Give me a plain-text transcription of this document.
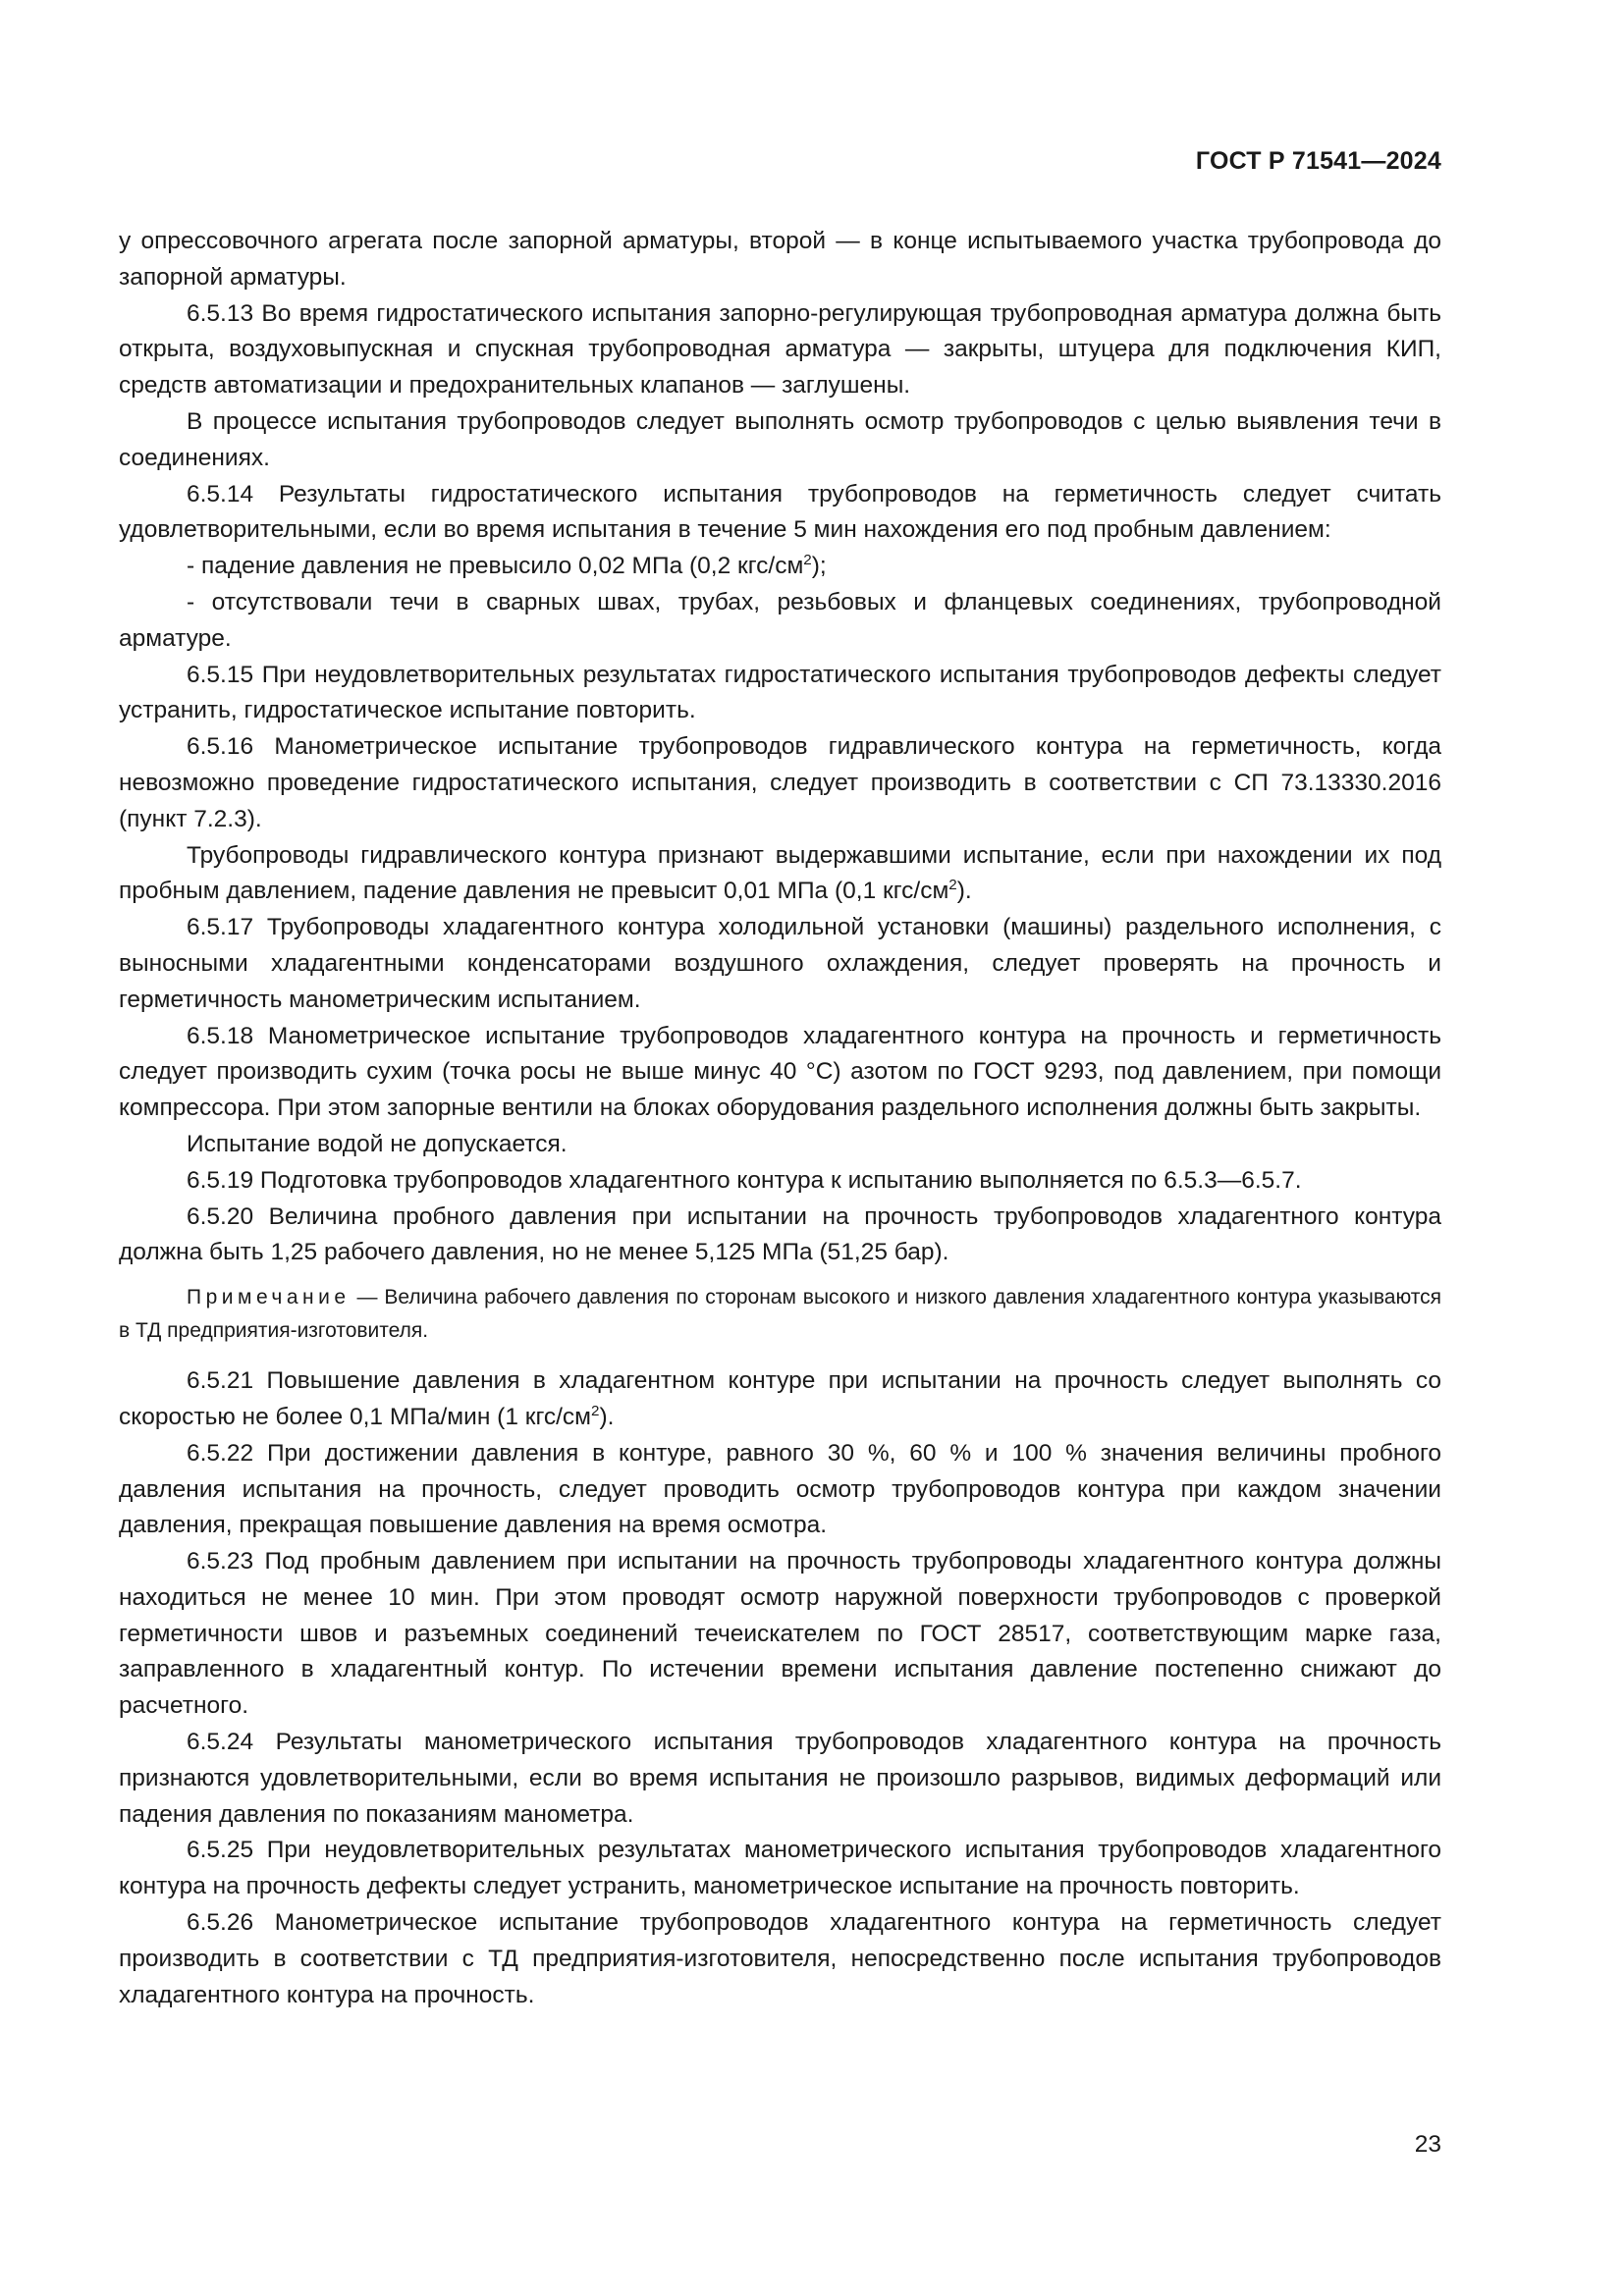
ГОСТ Р 71541—2024

у опрессовочного агрегата после запорной арматуры, второй — в конце испытываемого участка трубопровода до запорной арматуры.

6.5.13 Во время гидростатического испытания запорно-регулирующая трубопроводная арматура должна быть открыта, воздуховыпускная и спускная трубопроводная арматура — закрыты, штуцера для подключения КИП, средств автоматизации и предохранительных клапанов — заглушены.

В процессе испытания трубопроводов следует выполнять осмотр трубопроводов с целью выявления течи в соединениях.

6.5.14 Результаты гидростатического испытания трубопроводов на герметичность следует считать удовлетворительными, если во время испытания в течение 5 мин нахождения его под пробным давлением:

- падение давления не превысило 0,02 МПа (0,2 кгс/$см^2$);

- отсутствовали течи в сварных швах, трубах, резьбовых и фланцевых соединениях, трубопроводной арматуре.

6.5.15 При неудовлетворительных результатах гидростатического испытания трубопроводов дефекты следует устранить, гидростатическое испытание повторить.

6.5.16 Манометрическое испытание трубопроводов гидравлического контура на герметичность, когда невозможно проведение гидростатического испытания, следует производить в соответствии с СП 73.13330.2016 (пункт 7.2.3).

Трубопроводы гидравлического контура признают выдержавшими испытание, если при нахождении их под пробным давлением, падение давления не превысит 0,01 МПа (0,1 кгс/$см^2$).

6.5.17 Трубопроводы хладагентного контура холодильной установки (машины) раздельного исполнения, с выносными хладагентными конденсаторами воздушного охлаждения, следует проверять на прочность и герметичность манометрическим испытанием.

6.5.18 Манометрическое испытание трубопроводов хладагентного контура на прочность и герметичность следует производить сухим (точка росы не выше минус 40 °С) азотом по ГОСТ 9293, под давлением, при помощи компрессора. При этом запорные вентили на блоках оборудования раздельного исполнения должны быть закрыты.

Испытание водой не допускается.

6.5.19 Подготовка трубопроводов хладагентного контура к испытанию выполняется по 6.5.3—6.5.7.

6.5.20 Величина пробного давления при испытании на прочность трубопроводов хладагентного контура должна быть 1,25 рабочего давления, но не менее 5,125 МПа (51,25 бар).

Примечание — Величина рабочего давления по сторонам высокого и низкого давления хладагентного контура указываются в ТД предприятия-изготовителя.

6.5.21 Повышение давления в хладагентном контуре при испытании на прочность следует выполнять со скоростью не более 0,1 МПа/мин (1 кгс/$см^2$).

6.5.22 При достижении давления в контуре, равного 30 %, 60 % и 100 % значения величины пробного давления испытания на прочность, следует проводить осмотр трубопроводов контура при каждом значении давления, прекращая повышение давления на время осмотра.

6.5.23 Под пробным давлением при испытании на прочность трубопроводы хладагентного контура должны находиться не менее 10 мин. При этом проводят осмотр наружной поверхности трубопроводов с проверкой герметичности швов и разъемных соединений течеискателем по ГОСТ 28517, соответствующим марке газа, заправленного в хладагентный контур. По истечении времени испытания давление постепенно снижают до расчетного.

6.5.24 Результаты манометрического испытания трубопроводов хладагентного контура на прочность признаются удовлетворительными, если во время испытания не произошло разрывов, видимых деформаций или падения давления по показаниям манометра.

6.5.25 При неудовлетворительных результатах манометрического испытания трубопроводов хладагентного контура на прочность дефекты следует устранить, манометрическое испытание на прочность повторить.

6.5.26 Манометрическое испытание трубопроводов хладагентного контура на герметичность следует производить в соответствии с ТД предприятия-изготовителя, непосредственно после испытания трубопроводов хладагентного контура на прочность.

23
